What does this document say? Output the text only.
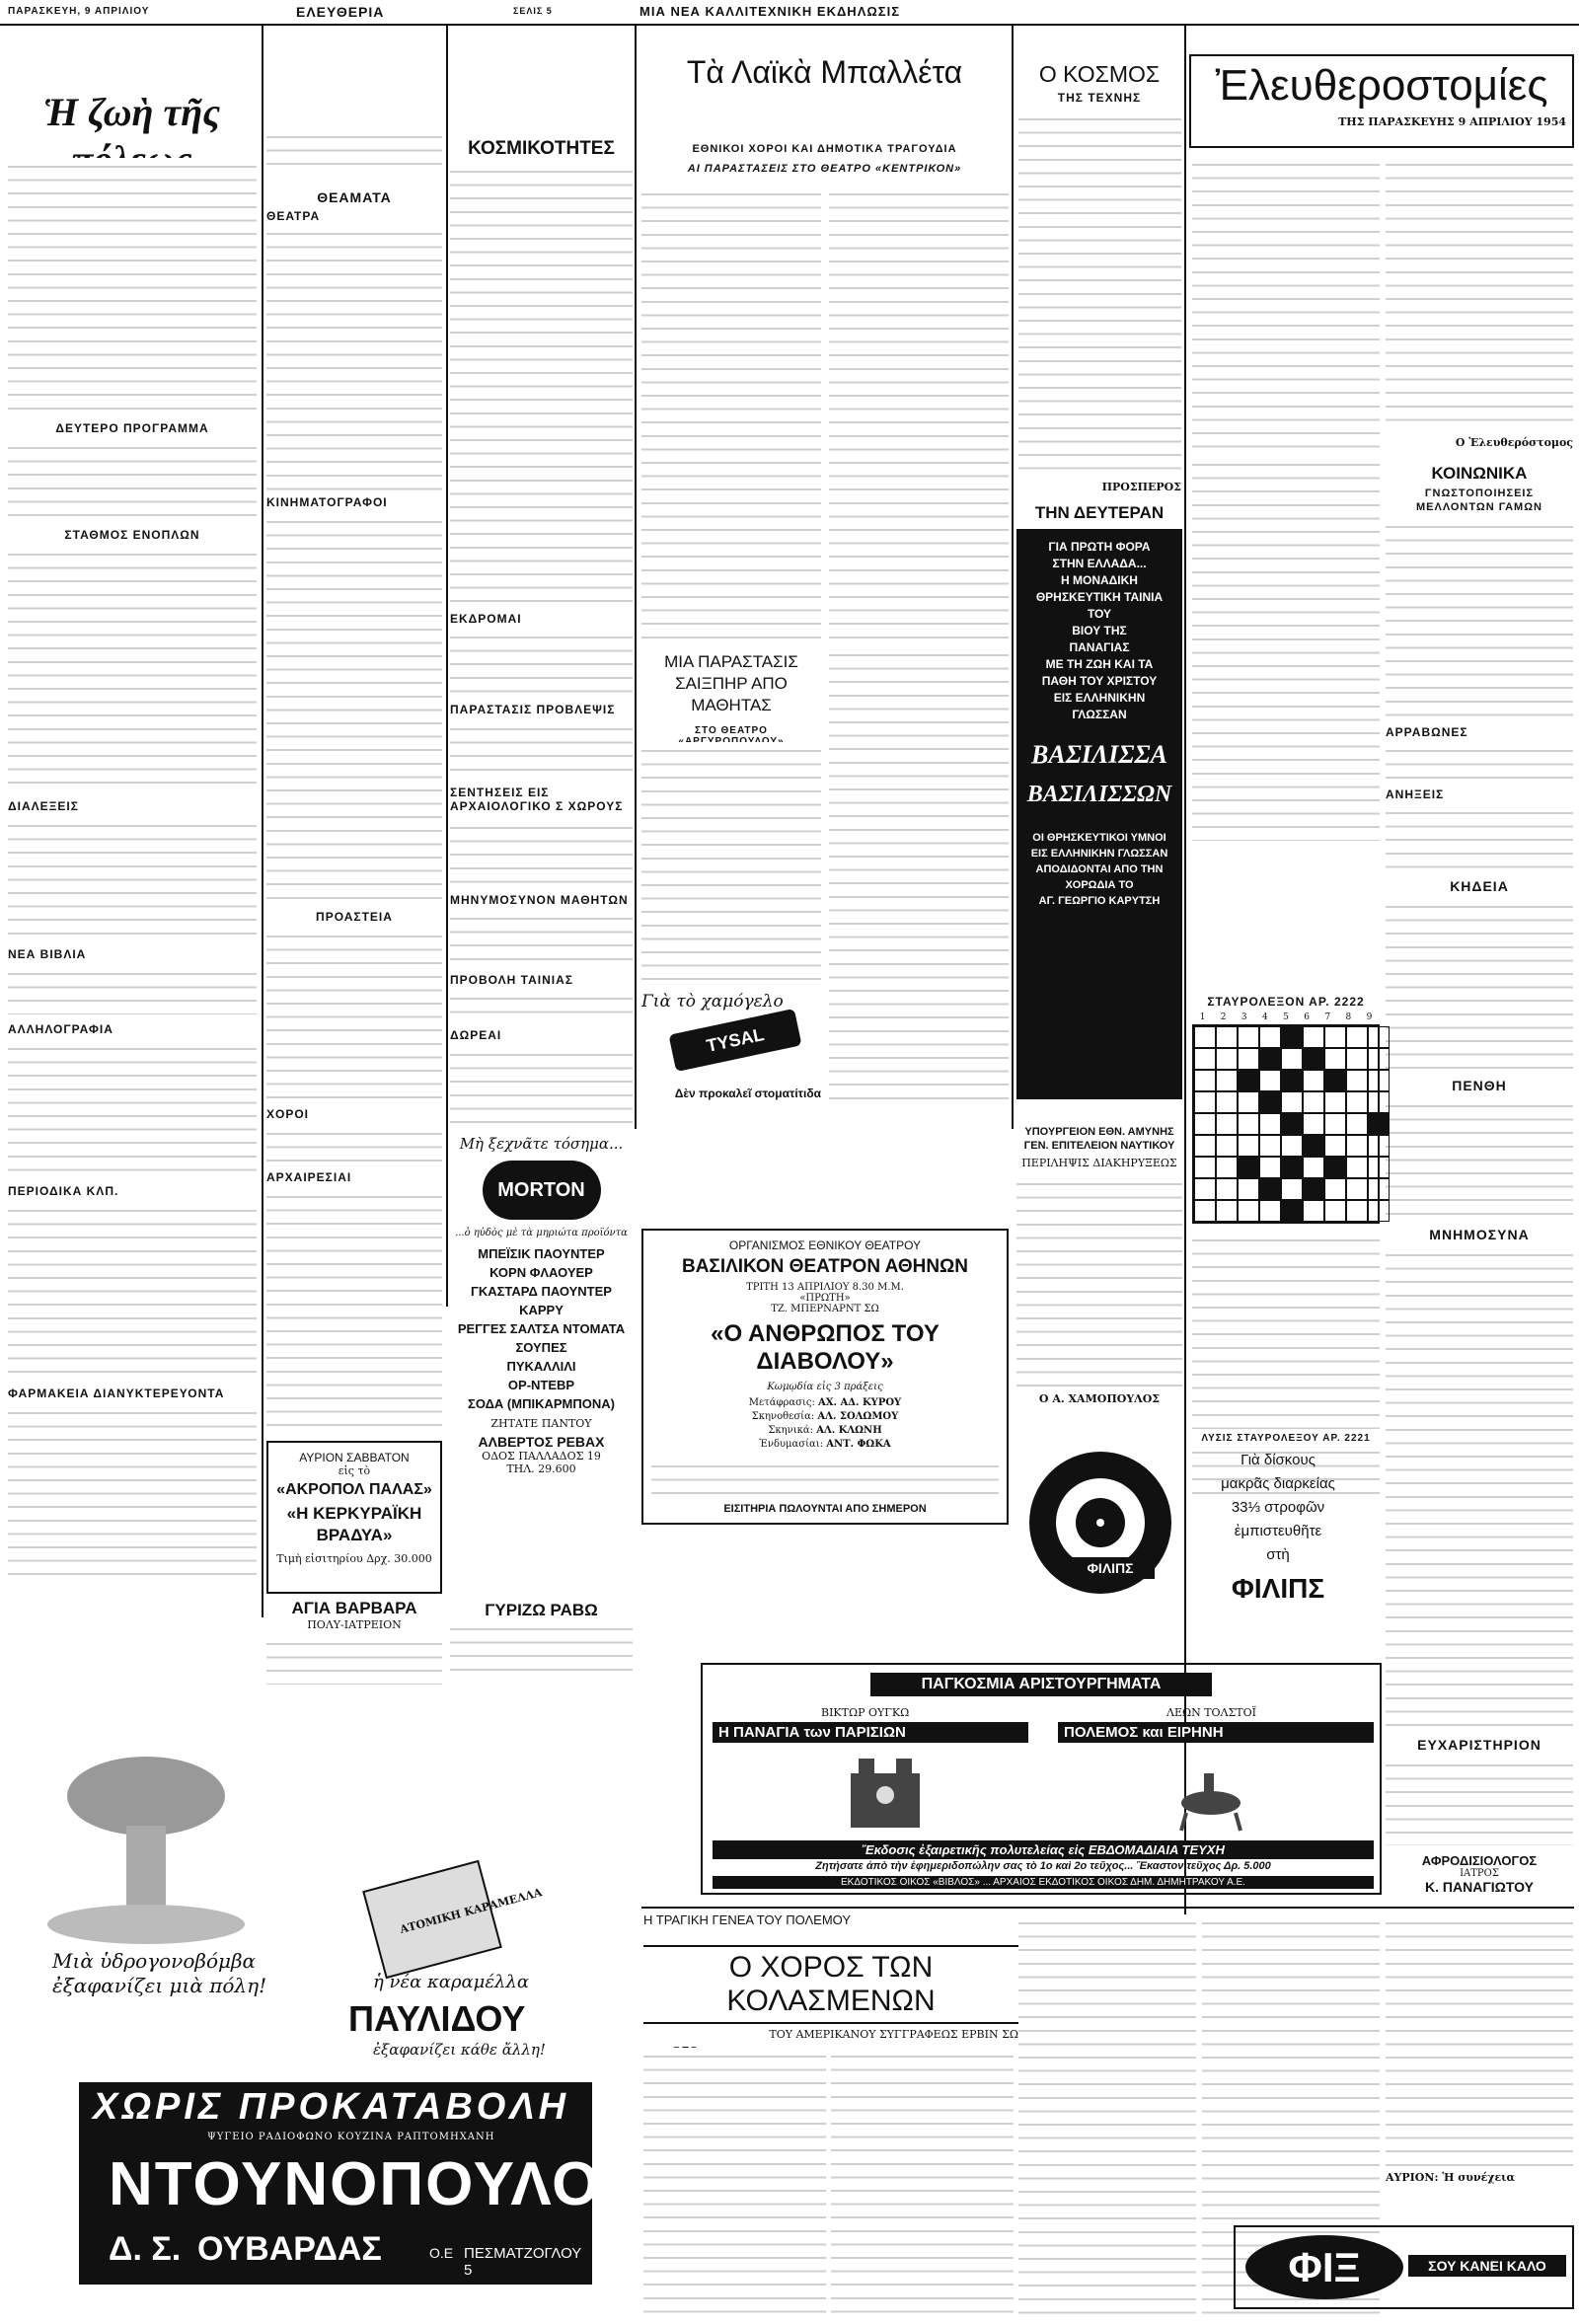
ΠΑΡΑΣΚΕΥΗ, 9 ΑΠΡΙΛΙΟΥ	ΕΛΕΥΘΕΡΙΑ	ΣΕΛΙΣ 5	ΜΙΑ ΝΕΑ ΚΑΛΛΙΤΕΧΝΙΚΗ ΕΚΔΗΛΩΣΙΣ
Ἡ ζωὴ τῆς
ΔΕΥΤΕΡΟ ΠΡΟΓΡΑΜΜΑ
ΣΤΑΘΜΟΣ ΕΝΟΠΛΩΝ
ΔΙΑΛΕΞΕΙΣ
ΝΕΑ ΒΙΒΛΙΑ
ΑΛΛΗΛΟΓΡΑΦΙΑ
ΠΕΡΙΟΔΙΚΑ ΚΛΠ.
ΦΑΡΜΑΚΕΙΑ ΔΙΑΝΥΚΤΕΡΕΥΟΝΤΑ
ΘΕΑΜΑΤΑ
ΘΕΑΤΡΑ
ΚΙΝΗΜΑΤΟΓΡΑΦΟΙ
ΠΡΟΑΣΤΕΙΑ
ΧΟΡΟΙ
ΑΡΧΑΙΡΕΣΙΑΙ
ΑΥΡΙΟΝ ΣΑΒΒΑΤΟΝ
εἰς τὸ
«ΑΚΡΟΠΟΛ ΠΑΛΑΣ»
«Η ΚΕΡΚΥΡΑΪΚΗ ΒΡΑΔΥΑ»
Τιμὴ εἰσιτηρίου Δρχ. 30.000
ΑΓΙΑ ΒΑΡΒΑΡΑ
ΠΟΛΥ-ΙΑΤΡΕΙΟΝ
ΚΟΣΜΙΚΟΤΗΤΕΣ
ΕΚΔΡΟΜΑΙ
ΠΑΡΑΣΤΑΣΙΣ ΠΡΟΒΛΕΨΙΣ
ΣΕΝΤΗΣΕΙΣ ΕΙΣ ΑΡΧΑΙΟΛΟΓΙΚΟ Σ ΧΩΡΟΥΣ
ΜΗΝΥΜΟΣΥΝΟΝ ΜΑΘΗΤΩΝ
ΠΡΟΒΟΛΗ ΤΑΙΝΙΑΣ
ΔΩΡΕΑΙ
Μὴ ξεχνᾶτε τόσημα...
MORTON
...ὁ ηὐδὸς μὲ τὰ μηριώτα προϊόντα
ΜΠΕΪΣΙΚ ΠΑΟΥΝΤΕΡ
ΚΟΡΝ ΦΛΑΟΥΕΡ
ΓΚΑΣΤΑΡΔ ΠΑΟΥΝΤΕΡ
ΚΑΡΡΥ
ΡΕΓΓΕΣ ΣΑΛΤΣΑ ΝΤΟΜΑΤΑ
ΣΟΥΠΕΣ
ΠΥΚΑΛΛΙΛΙ
ΟΡ-ΝΤΕΒΡ
ΣΟΔΑ (ΜΠΙΚΑΡΜΠΟΝΑ)
ΖΗΤΑΤΕ ΠΑΝΤΟΥ
ΑΛΒΕΡΤΟΣ ΡΕΒΑΧ
ΟΔΟΣ ΠΑΛΛΑΔΟΣ 19
ΤΗΛ. 29.600
ΓΥΡΙΖΩ ΡΑΒΩ
Μιὰ ὑδρογονοβόμβα
ἐξαφανίζει μιὰ πόλη!
ΑΤΟΜΙΚΗ ΚΑΡΑΜΕΛΛΑ
ἡ νέα καραμέλλα
ΠΑΥΛΙΔΟΥ
ἐξαφανίζει κάθε ἄλλη!
ΧΩΡΙΣ ΠΡΟΚΑΤΑΒΟΛΗ
ΨΥΓΕΙΟ ΡΑΔΙΟΦΩΝΟ ΚΟΥΖΙΝΑ ΡΑΠΤΟΜΗΧΑΝΗ
ΝΤΟΥΝΟΠΟΥΛΟΣ
Δ. Σ. ΟΥΒΑΡΔΑΣ	Ο.Ε ΠΕΣΜΑΤΖΟΓΛΟΥ 5
Τὰ Λαϊκὰ Μπαλλέτα
ΕΘΝΙΚΟΙ ΧΟΡΟΙ ΚΑΙ ΔΗΜΟΤΙΚΑ ΤΡΑΓΟΥΔΙΑ
ΑΙ ΠΑΡΑΣΤΑΣΕΙΣ ΣΤΟ ΘΕΑΤΡΟ «ΚΕΝΤΡΙΚΟΝ»
ΜΙΑ ΠΑΡΑΣΤΑΣΙΣ ΣΑΙΞΠΗΡ ΑΠΟ ΜΑΘΗΤΑΣ
ΣΤΟ ΘΕΑΤΡΟ
Γιὰ τὸ χαμόγελο
TYSAL
Δὲν προκαλεῖ στοματίτιδα
Ο ΚΟΣΜΟΣ
ΤΗΣ ΤΕΧΝΗΣ
ΠΡΟΣΠΕΡΟΣ
ΤΗΝ ΔΕΥΤΕΡΑΝ
ΓΙΑ ΠΡΩΤΗ ΦΟΡΑ
ΣΤΗΝ ΕΛΛΑΔΑ...
Η ΜΟΝΑΔΙΚΗ
ΘΡΗΣΚΕΥΤΙΚΗ ΤΑΙΝΙΑ
ΤΟΥ
ΒΙΟΥ ΤΗΣ
ΠΑΝΑΓΙΑΣ
ΜΕ ΤΗ ΖΩΗ ΚΑΙ ΤΑ
ΠΑΘΗ ΤΟΥ ΧΡΙΣΤΟΥ
ΕΙΣ ΕΛΛΗΝΙΚΗΝ
ΓΛΩΣΣΑΝ
ΒΑΣΙΛΙΣΣΑ
ΒΑΣΙΛΙΣΣΩΝ
ΟΙ ΘΡΗΣΚΕΥΤΙΚΟΙ ΥΜΝΟΙ
ΕΙΣ ΕΛΛΗΝΙΚΗΝ ΓΛΩΣΣΑΝ
ΑΠΟΔΙΔΟΝΤΑΙ ΑΠΟ ΤΗΝ
ΧΟΡΩΔΙΑ ΤΟ
ΑΓ. ΓΕΩΡΓΙΟ ΚΑΡΥΤΣΗ
ΥΠΟΥΡΓΕΙΟΝ ΕΘΝ. ΑΜΥΝΗΣ ΓΕΝ. ΕΠΙΤΕΛΕΙΟΝ ΝΑΥΤΙΚΟΥ
ΠΕΡΙΛΗΨΙΣ ΔΙΑΚΗΡΥΞΕΩΣ
Ο Α. ΧΑΜΟΠΟΥΛΟΣ
Ἐλευθεροστομίες
ΤΗΣ ΠΑΡΑΣΚΕΥΗΣ 9 ΑΠΡΙΛΙΟΥ 1954
Ο Ἐλευθερόστομος
ΚΟΙΝΩΝΙΚΑ
ΓΝΩΣΤΟΠΟΙΗΣΕΙΣ ΜΕΛΛΟΝΤΩΝ ΓΑΜΩΝ
ΑΡΡΑΒΩΝΕΣ
ΑΝΗΞΕΙΣ
ΚΗΔΕΙΑ
ΠΕΝΘΗ
ΜΝΗΜΟΣΥΝΑ
ΕΥΧΑΡΙΣΤΗΡΙΟΝ
ΑΦΡΟΔΙΣΙΟΛΟΓΟΣ
ΙΑΤΡΟΣ
Κ. ΠΑΝΑΓΙΩΤΟΥ
ΣΤΑΥΡΟΛΕΞΟΝ ΑΡ. 2222
1	2	3	4	5	6	7	8	9
ΛΥΣΙΣ ΣΤΑΥΡΟΛΕΞΟΥ ΑΡ. 2221
ΦΙΛΙΠΣ
Γιὰ δίσκους
μακρᾶς διαρκείας
33⅓ στροφῶν
ἐμπιστευθῆτε
στὴ
ΦΙΛΙΠΣ
ΟΡΓΑΝΙΣΜΟΣ ΕΘΝΙΚΟΥ ΘΕΑΤΡΟΥ
ΒΑΣΙΛΙΚΟΝ ΘΕΑΤΡΟΝ ΑΘΗΝΩΝ
ΤΡΙΤΗ 13 ΑΠΡΙΛΙΟΥ 8.30 Μ.Μ.
«ΠΡΩΤΗ»
ΤΖ. ΜΠΕΡΝΑΡΝΤ ΣΩ
«Ο ΑΝΘΡΩΠΟΣ ΤΟΥ ΔΙΑΒΟΛΟΥ»
Κωμῳδία εἰς 3 πράξεις
Μετάφρασις: ΑΧ. ΑΔ. ΚΥΡΟΥ
Σκηνοθεσία: ΑΛ. ΣΟΛΩΜΟΥ
Σκηνικά: ΑΛ. ΚΛΩΝΗ
Ἐνδυμασίαι: ΑΝΤ. ΦΩΚΑ
ΕΙΣΙΤΗΡΙΑ ΠΩΛΟΥΝΤΑΙ ΑΠΟ ΣΗΜΕΡΟΝ
ΠΑΓΚΟΣΜΙΑ ΑΡΙΣΤΟΥΡΓΗΜΑΤΑ
ΒΙΚΤΩΡ ΟΥΓΚΩ
Η ΠΑΝΑΓΙΑ των ΠΑΡΙΣΙΩΝ
ΛΕΩΝ ΤΟΛΣΤΟΪ
ΠΟΛΕΜΟΣ και ΕΙΡΗΝΗ
Ἔκδοσις ἐξαιρετικῆς πολυτελείας εἰς ΕΒΔΟΜΑΔΙΑΙΑ ΤΕΥΧΗ
Ζητήσατε ἀπὸ τὴν ἐφημεριδοπώλην σας τὸ 1ο καὶ 2ο τεῦχος... Ἕκαστον τεῦχος Δρ. 5.000
ΕΚΔΟΤΙΚΟΣ ΟΙΚΟΣ «ΒΙΒΛΟΣ» ... ΑΡΧΑΙΟΣ ΕΚΔΟΤΙΚΟΣ ΟΙΚΟΣ ΔΗΜ. ΔΗΜΗΤΡΑΚΟΥ Α.Ε.
Η ΤΡΑΓΙΚΗ ΓΕΝΕΑ ΤΟΥ ΠΟΛΕΜΟΥ
Ο ΧΟΡΟΣ ΤΩΝ ΚΟΛΑΣΜΕΝΩΝ
ΤΟΥ ΑΜΕΡΙΚΑΝΟΥ ΣΥΓΓΡΑΦΕΩΣ ΕΡΒΙΝ ΣΩ
ΑΥΡΙΟΝ: Ἡ συνέχεια
ΦΙΞ	ΣΟΥ ΚΑΝΕΙ ΚΑΛΟ
